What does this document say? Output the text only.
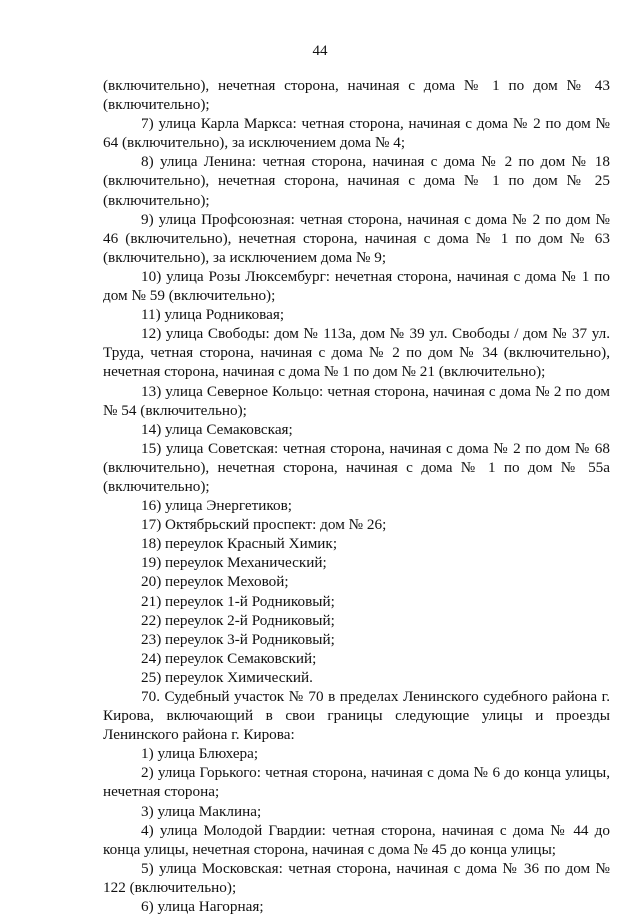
44

(включительно), нечетная сторона, начиная с дома № 1 по дом № 43 (включительно);

7) улица Карла Маркса: четная сторона, начиная с дома № 2 по дом № 64 (включительно), за исключением дома № 4;

8) улица Ленина: четная сторона, начиная с дома № 2 по дом № 18 (включительно), нечетная сторона, начиная с дома № 1 по дом № 25 (включительно);

9) улица Профсоюзная: четная сторона, начиная с дома № 2 по дом № 46 (включительно), нечетная сторона, начиная с дома № 1 по дом № 63 (включительно), за исключением дома № 9;

10) улица Розы Люксембург: нечетная сторона, начиная с дома № 1 по дом № 59 (включительно);

11) улица Родниковая;

12) улица Свободы: дом № 113а, дом № 39 ул. Свободы / дом № 37 ул. Труда, четная сторона, начиная с дома № 2 по дом № 34 (включительно), нечетная сторона, начиная с дома № 1 по дом № 21 (включительно);

13) улица Северное Кольцо: четная сторона, начиная с дома № 2 по дом № 54 (включительно);

14) улица Семаковская;

15) улица Советская: четная сторона, начиная с дома № 2 по дом № 68 (включительно), нечетная сторона, начиная с дома № 1 по дом № 55а (включительно);

16) улица Энергетиков;

17) Октябрьский проспект: дом № 26;

18) переулок Красный Химик;

19) переулок Механический;

20) переулок Меховой;

21) переулок 1-й Родниковый;

22) переулок 2-й Родниковый;

23) переулок 3-й Родниковый;

24) переулок Семаковский;

25) переулок Химический.

70. Судебный участок № 70 в пределах Ленинского судебного района г. Кирова, включающий в свои границы следующие улицы и проезды Ленинского района г. Кирова:

1) улица Блюхера;

2) улица Горького: четная сторона, начиная с дома № 6 до конца улицы, нечетная сторона;

3) улица Маклина;

4) улица Молодой Гвардии: четная сторона, начиная с дома № 44 до конца улицы, нечетная сторона, начиная с дома № 45 до конца улицы;

5) улица Московская: четная сторона, начиная с дома № 36 по дом № 122 (включительно);

6) улица Нагорная;
